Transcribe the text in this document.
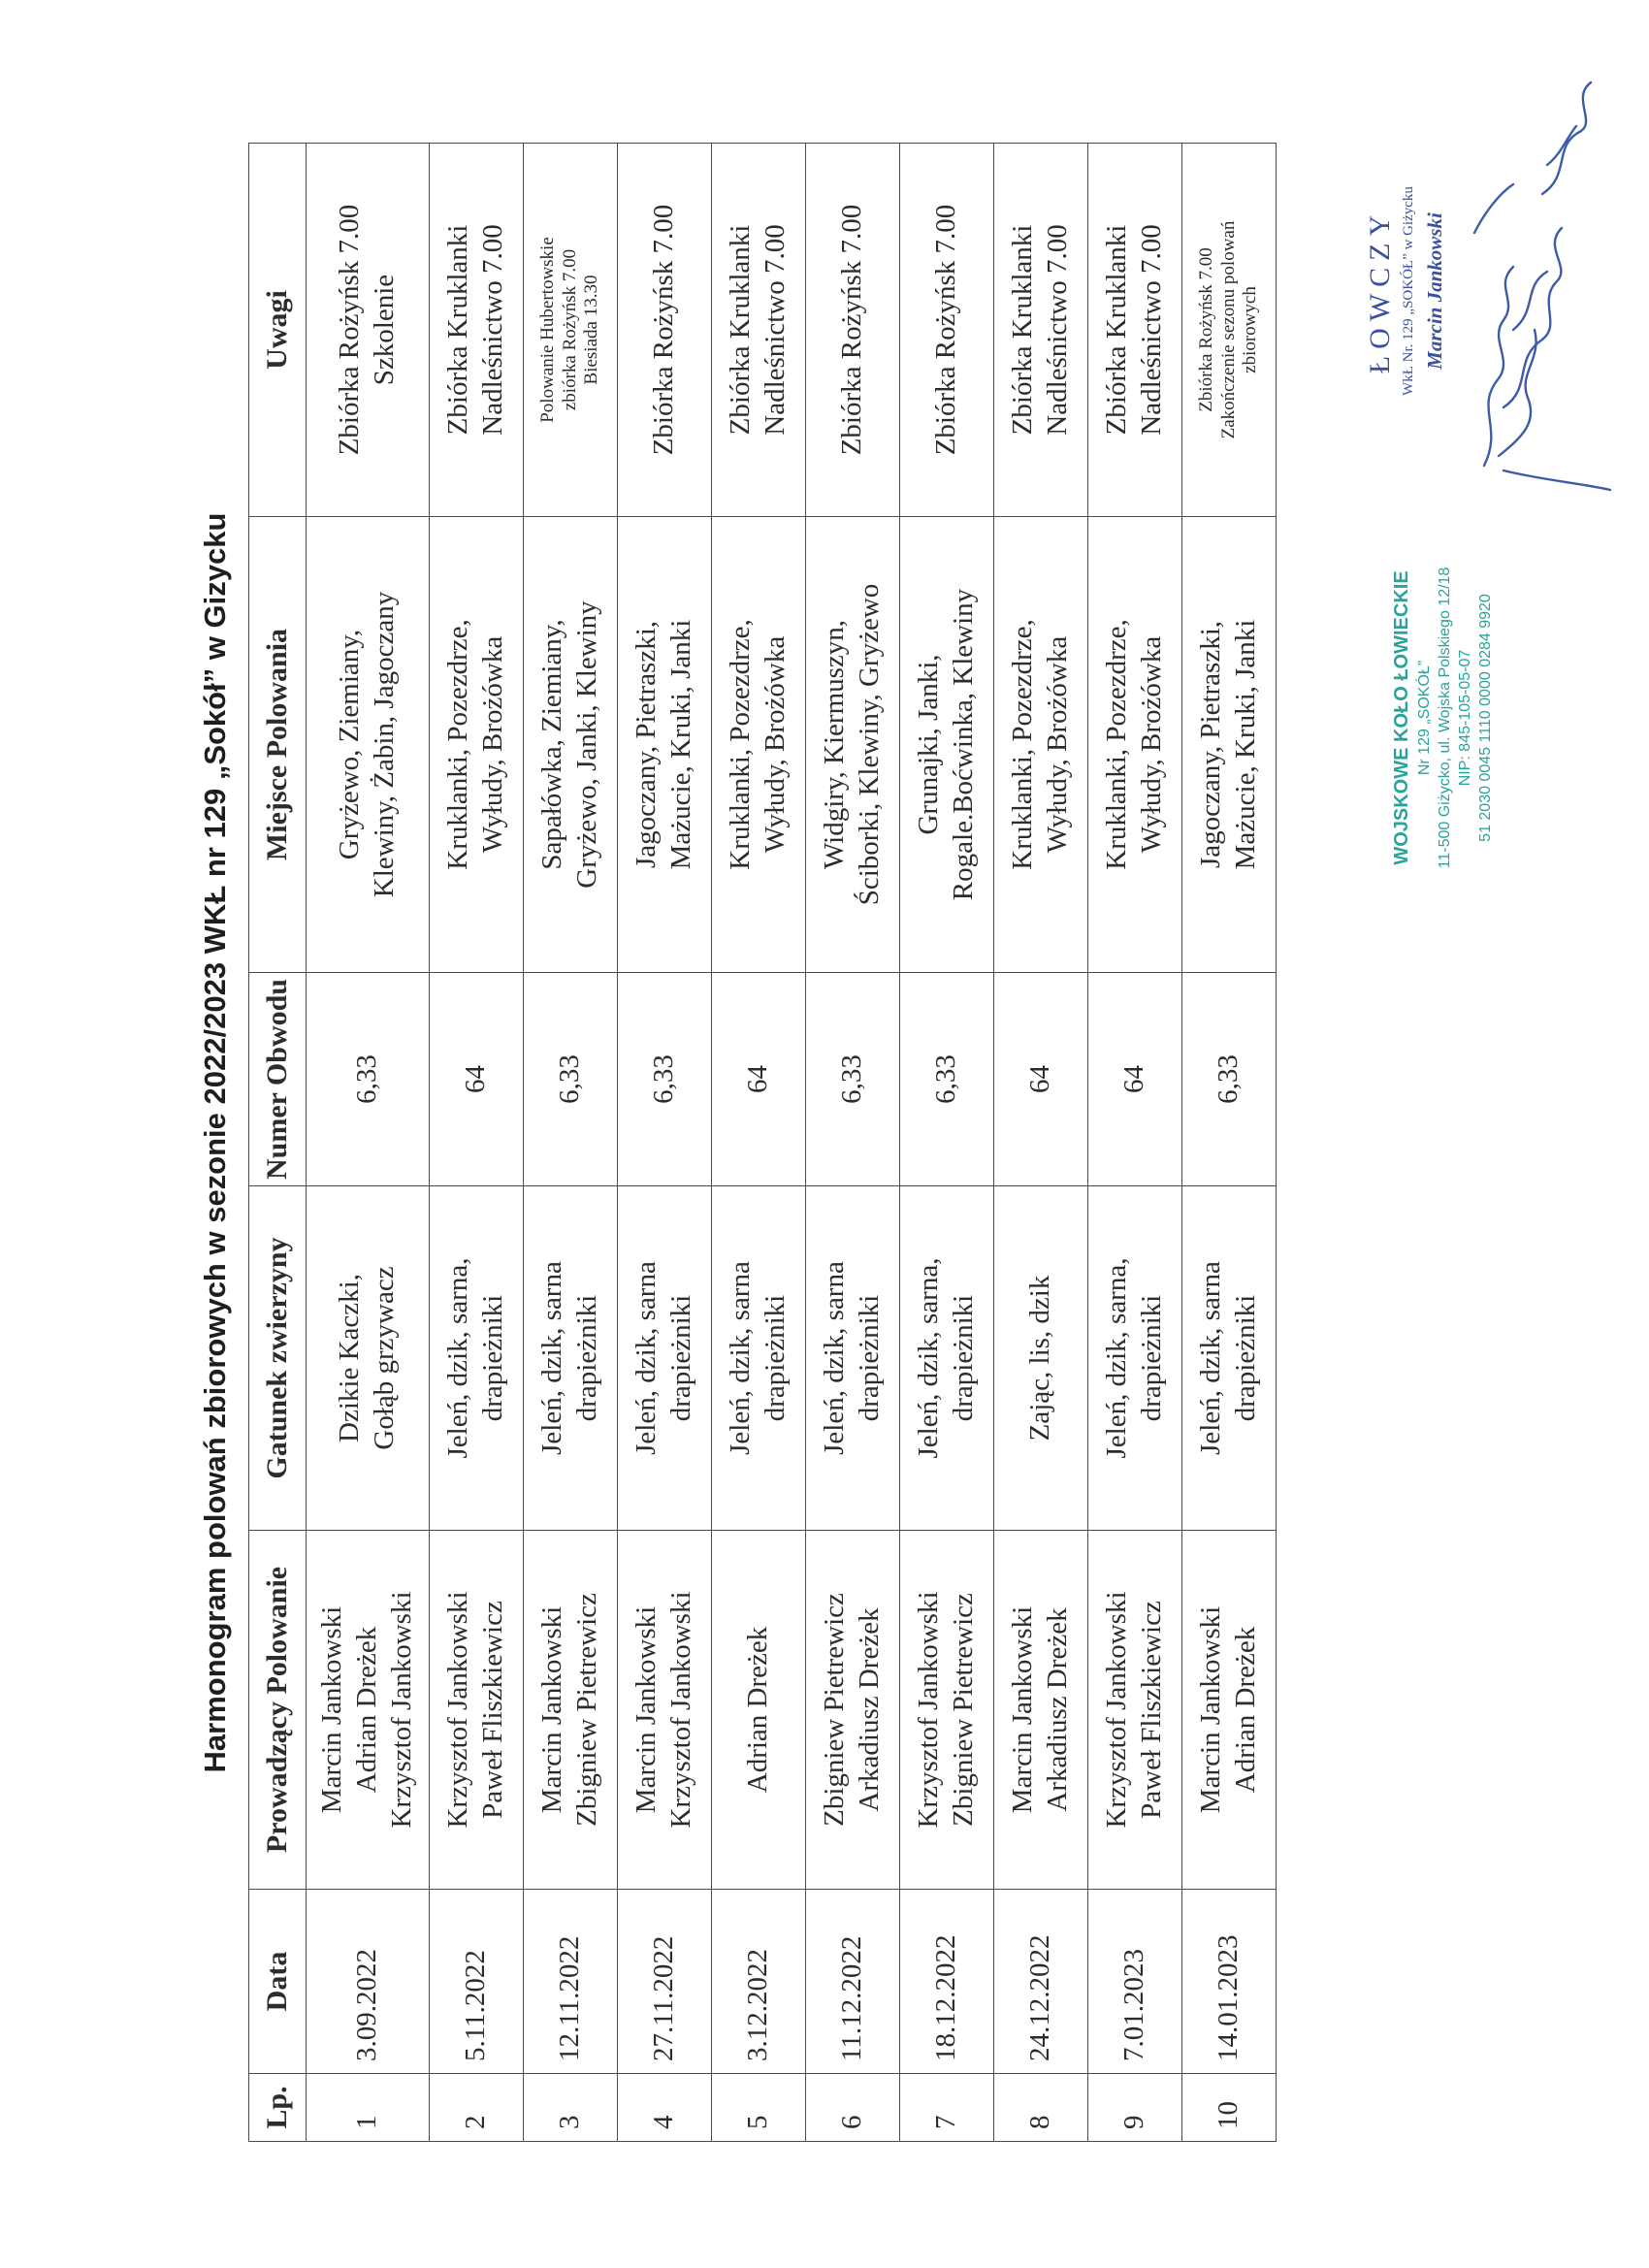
Harmonogram polowań zbiorowych w sezonie 2022/2023 WKŁ nr 129 „Sokół” w Gizycku
Lp.	Data	Prowadzący Polowanie	Gatunek zwierzyny	Numer Obwodu	Miejsce Polowania	Uwagi

1	3.09.2022	Marcin Jankowski Adrian Dreżek Krzysztof Jankowski	Dzikie Kaczki, Gołąb grzywacz	6,33	Gryżewo, Ziemiany, Klewiny, Żabin, Jagoczany	Zbiórka Rożyńsk 7.00 Szkolenie

2	5.11.2022	Krzysztof Jankowski Paweł Fliszkiewicz	Jeleń, dzik, sarna, drapieżniki	64	Kruklanki, Pozezdrze, Wyłudy, Brożówka	Zbiórka Kruklanki Nadleśnictwo 7.00

3	12.11.2022	Marcin Jankowski Zbigniew Pietrewicz	Jeleń, dzik, sarna drapieżniki	6,33	Sapałówka, Ziemiany, Gryżewo, Janki, Klewiny	Polowanie Hubertowskie zbiórka Rożyńsk 7.00 Biesiada 13.30

4	27.11.2022	Marcin Jankowski Krzysztof Jankowski	Jeleń, dzik, sarna drapieżniki	6,33	Jagoczany, Pietraszki, Mażucie, Kruki, Janki	Zbiórka Rożyńsk 7.00

5	3.12.2022	Adrian Dreżek	Jeleń, dzik, sarna drapieżniki	64	Kruklanki, Pozezdrze, Wyłudy, Brożówka	Zbiórka Kruklanki Nadleśnictwo 7.00

6	11.12.2022	Zbigniew Pietrewicz Arkadiusz Dreżek	Jeleń, dzik, sarna drapieżniki	6,33	Widgiry, Kiermuszyn, Ściborki, Klewiny, Gryżewo	Zbiórka Rożyńsk 7.00

7	18.12.2022	Krzysztof Jankowski Zbigniew Pietrewicz	Jeleń, dzik, sarna, drapieżniki	6,33	Grunajki, Janki, Rogale.Boćwinka, Klewiny	Zbiórka Rożyńsk 7.00

8	24.12.2022	Marcin Jankowski Arkadiusz Dreżek	Zając, lis, dzik	64	Kruklanki, Pozezdrze, Wyłudy, Brożówka	Zbiórka Kruklanki Nadleśnictwo 7.00

9	7.01.2023	Krzysztof Jankowski Paweł Fliszkiewicz	Jeleń, dzik, sarna, drapieżniki	64	Kruklanki, Pozezdrze, Wyłudy, Brożówka	Zbiórka Kruklanki Nadleśnictwo 7.00

10	14.01.2023	Marcin Jankowski Adrian Dreżek	Jeleń, dzik, sarna drapieżniki	6,33	Jagoczany, Pietraszki, Mażucie, Kruki, Janki	Zbiórka Rożyńsk 7.00 Zakończenie sezonu polowań zbiorowych	ŁOWCZY WkŁ Nr. 129 „SOKÓŁ” w Giżycku Marcin Jankowski
WOJSKOWE KOŁO ŁOWIECKIE Nr 129 „SOKÓŁ” 11-500 Giżycko, ul. Wojska Polskiego 12/18 NIP: 845-105-05-07 51 2030 0045 1110 0000 0284 9920
